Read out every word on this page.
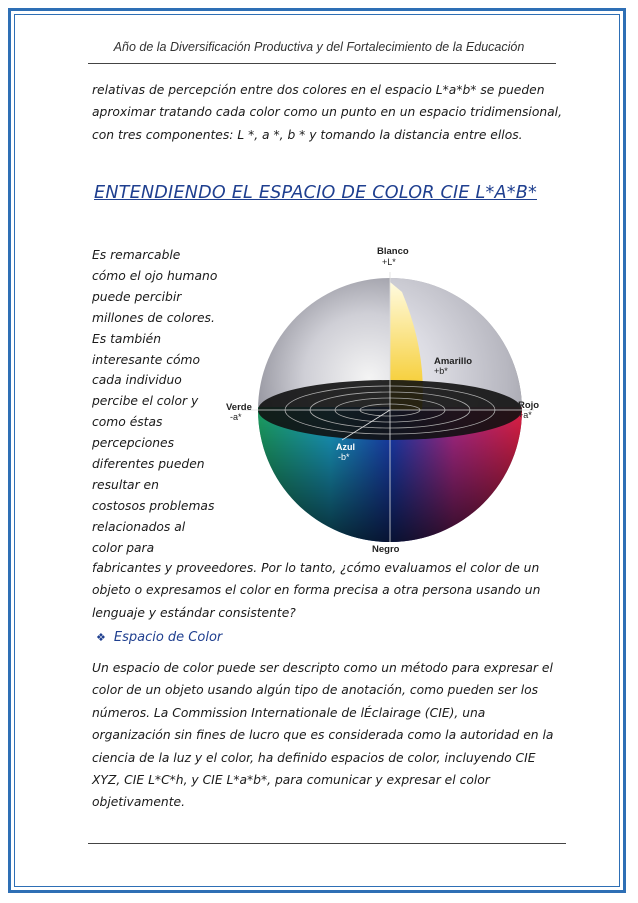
Año de la Diversificación Productiva y del Fortalecimiento de la Educación

relativas de percepción entre dos colores en el espacio L*a*b* se pueden aproximar tratando cada color como un punto en un espacio tridimensional, con tres componentes: L *, a *, b * y tomando la distancia entre ellos.

ENTENDIENDO EL ESPACIO DE COLOR CIE L*A*B*
Es remarcable
cómo el ojo humano
puede percibir
millones de colores.
Es también
interesante cómo
cada individuo
percibe el color y
como éstas
percepciones
diferentes pueden
resultar en
costosos problemas
relacionados al
color para
Blanco
+L*
Amarillo
+b*
Verde
-a*
Rojo
+a*
Azul
-b*
Negro

fabricantes y proveedores. Por lo tanto, ¿cómo evaluamos el color de un objeto o expresamos el color en forma precisa a otra persona usando un lenguaje y estándar consistente?

❖ Espacio de Color

Un espacio de color puede ser descripto como un método para expresar el color de un objeto usando algún tipo de anotación, como pueden ser los números. La Commission Internationale de lÉclairage (CIE), una organización sin fines de lucro que es considerada como la autoridad en la ciencia de la luz y el color, ha definido espacios de color, incluyendo CIE XYZ, CIE L*C*h, y CIE L*a*b*, para comunicar y expresar el color objetivamente.
